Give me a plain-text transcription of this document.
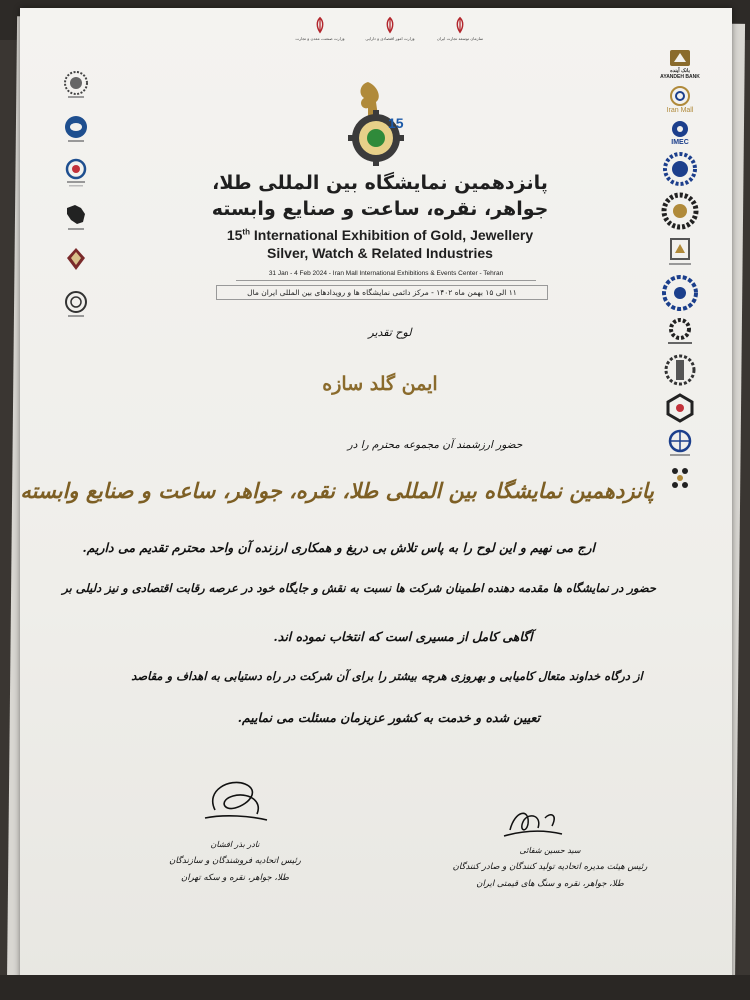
وزارت صنعت، معدن و تجارت	وزارت امور اقتصادی و دارایی	سازمان توسعه تجارت ایران
15
پانزدهمین نمایشگاه بین المللی طلا،
جواهر، نقره، ساعت و صنایع وابسته
15th International Exhibition of Gold, Jewellery
Silver, Watch & Related Industries
31 Jan - 4 Feb 2024 - Iran Mall International Exhibitions & Events Center - Tehran
۱۱ الی ۱۵ بهمن ماه ۱۴۰۲ - مرکز دائمی نمایشگاه ها و رویدادهای بین المللی ایران مال
بانک آینده
AYANDEH BANK
Iran Mall
IMEC
لوح تقدیر
ایمن گلد سازه
حضور ارزشمند آن مجموعه محترم را در
پانزدهمین نمایشگاه بین المللی طلا، نقره، جواهر، ساعت و صنایع وابسته
ارج می نهیم و این لوح را به پاس تلاش بی دریغ و همکاری ارزنده آن واحد محترم تقدیم می داریم.
حضور در نمایشگاه ها مقدمه دهنده اطمینان شرکت ها نسبت به نقش و جایگاه خود در عرصه رقابت اقتصادی و نیز دلیلی بر
آگاهی کامل از مسیری است که انتخاب نموده اند.
از درگاه خداوند متعال کامیابی و بهروزی هرچه بیشتر را برای آن شرکت در راه دستیابی به اهداف و مقاصد
تعیین شده و خدمت به کشور عزیزمان مسئلت می نماییم.
نادر بذر افشان
رئیس اتحادیه فروشندگان و سازندگان
طلا، جواهر، نقره و سکه تهران
سید حسین شفائی
رئیس هیئت مدیره اتحادیه تولید کنندگان و صادر کنندگان
طلا، جواهر، نقره و سنگ های قیمتی ایران
